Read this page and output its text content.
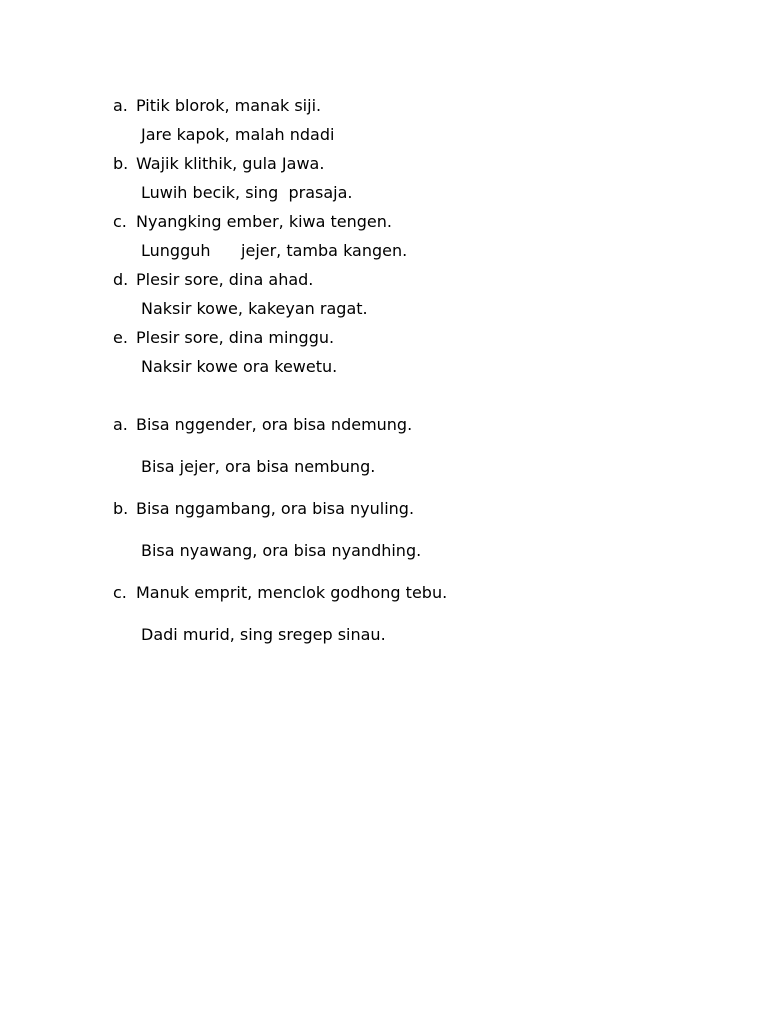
a. Pitik blorok, manak siji.
Jare kapok, malah ndadi
b. Wajik klithik, gula Jawa.
Luwih becik, sing  prasaja.
c. Nyangking ember, kiwa tengen.
Lungguh      jejer, tamba kangen.
d. Plesir sore, dina ahad.
Naksir kowe, kakeyan ragat.
e. Plesir sore, dina minggu.
Naksir kowe ora kewetu.
a. Bisa nggender, ora bisa ndemung.
Bisa jejer, ora bisa nembung.
b. Bisa nggambang, ora bisa nyuling.
Bisa nyawang, ora bisa nyandhing.
c. Manuk emprit, menclok godhong tebu.
Dadi murid, sing sregep sinau.
